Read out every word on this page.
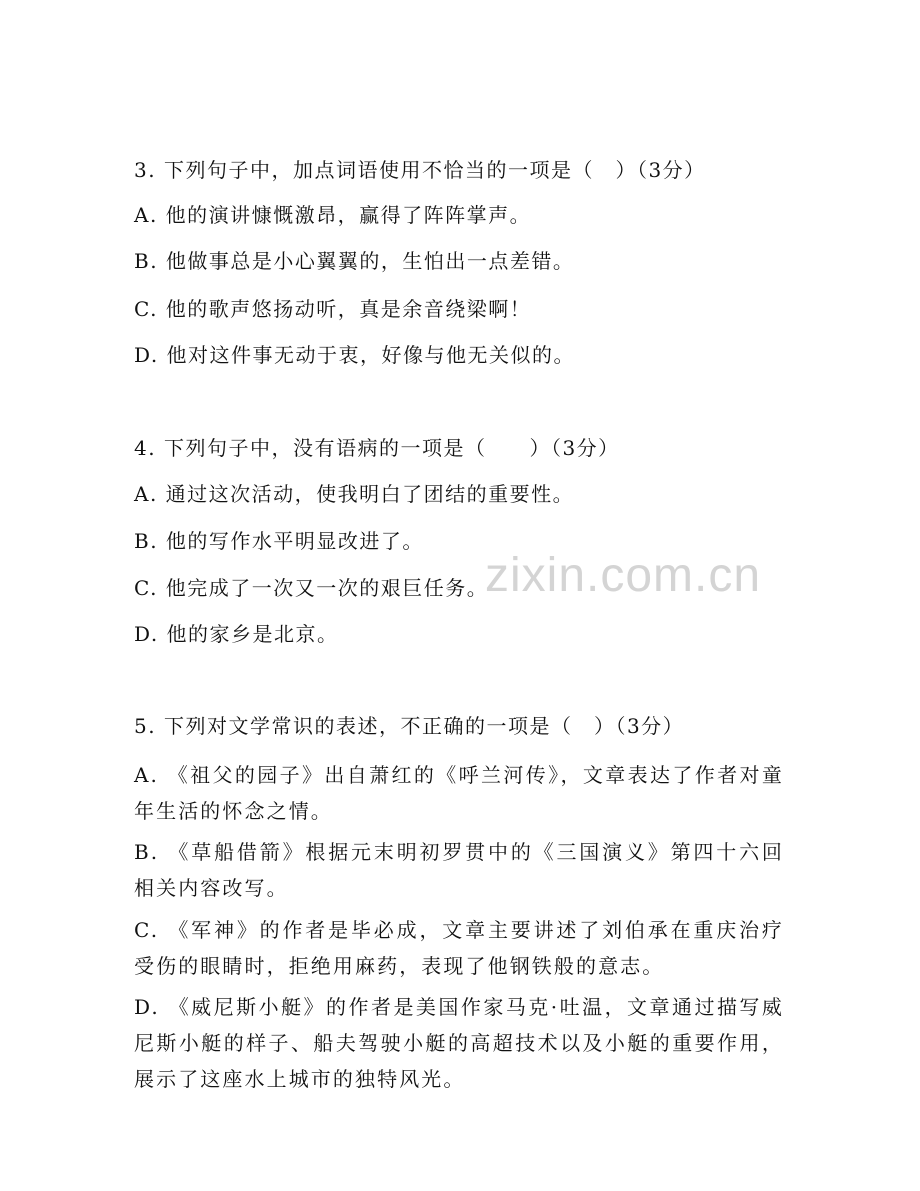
zixin.com.cn
3. 下列句子中，加点词语使用不恰当的一项是（　）（3分）
A. 他的演讲慷慨激昂，赢得了阵阵掌声。
B. 他做事总是小心翼翼的，生怕出一点差错。
C. 他的歌声悠扬动听，真是余音绕梁啊！
D. 他对这件事无动于衷，好像与他无关似的。
4. 下列句子中，没有语病的一项是（　　）（3分）
A. 通过这次活动，使我明白了团结的重要性。
B. 他的写作水平明显改进了。
C. 他完成了一次又一次的艰巨任务。
D. 他的家乡是北京。
5. 下列对文学常识的表述，不正确的一项是（　）（3分）
A. 《祖父的园子》出自萧红的《呼兰河传》，文章表达了作者对童年生活的怀念之情。
B. 《草船借箭》根据元末明初罗贯中的《三国演义》第四十六回相关内容改写。
C. 《军神》的作者是毕必成，文章主要讲述了刘伯承在重庆治疗受伤的眼睛时，拒绝用麻药，表现了他钢铁般的意志。
D. 《威尼斯小艇》的作者是美国作家马克·吐温，文章通过描写威尼斯小艇的样子、船夫驾驶小艇的高超技术以及小艇的重要作用，展示了这座水上城市的独特风光。
